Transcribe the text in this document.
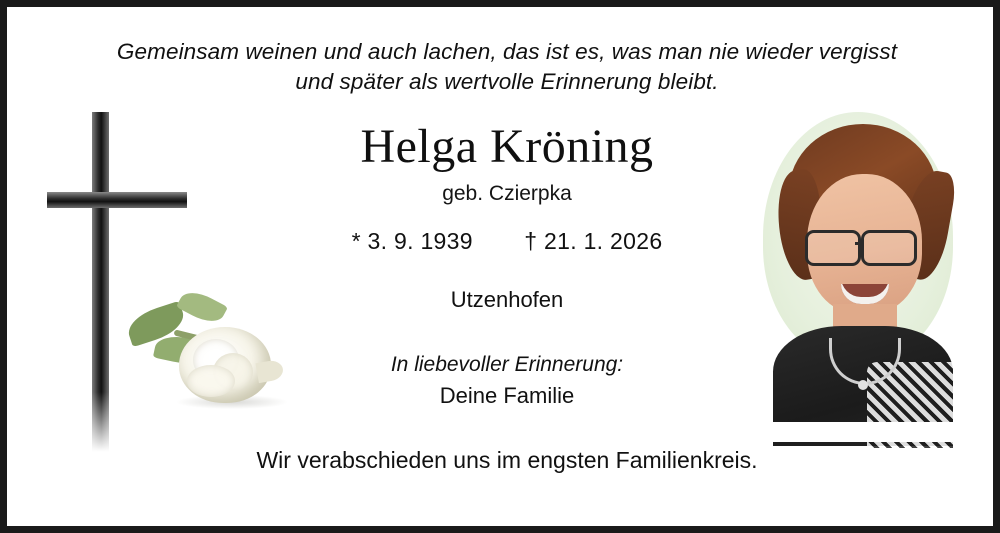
Gemeinsam weinen und auch lachen, das ist es, was man nie wieder vergisst
und später als wertvolle Erinnerung bleibt.
Helga Kröning
geb. Czierpka
* 3. 9. 1939 † 21. 1. 2026
Utzenhofen
In liebevoller Erinnerung:
Deine Familie
Wir verabschieden uns im engsten Familienkreis.
